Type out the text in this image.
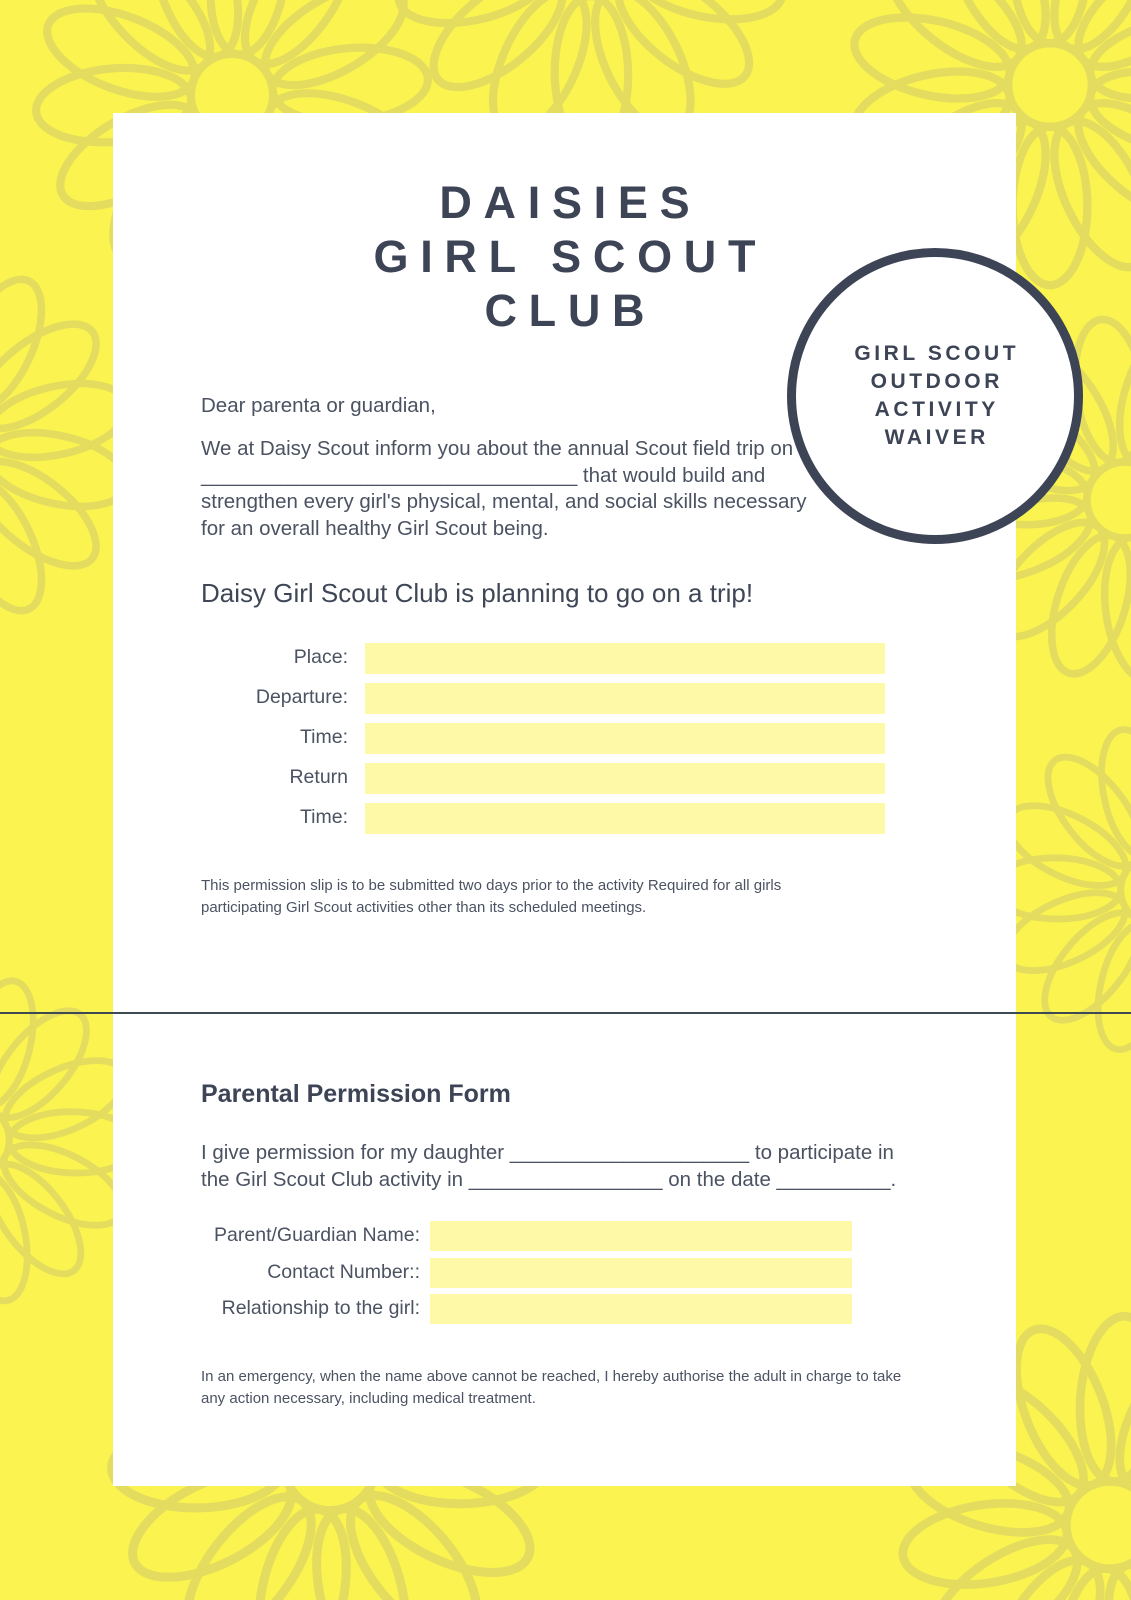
DAISIES
GIRL SCOUT
CLUB
GIRL SCOUT
OUTDOOR
ACTIVITY
WAIVER
Dear parenta or guardian,
We at Daisy Scout inform you about the annual Scout field trip on
_________________________________ that would build and
strengthen every girl's physical, mental, and social skills necessary
for an overall healthy Girl Scout being.
Daisy Girl Scout Club is planning to go on a trip!
Place:
Departure:
Time:
Return
Time:
This permission slip is to be submitted two days prior to the activity Required for all girls
participating Girl Scout activities other than its scheduled meetings.
Parental Permission Form
I give permission for my daughter _____________________ to participate in
the Girl Scout Club activity in _________________ on the date __________.
Parent/Guardian Name:
Contact Number::
Relationship to the girl:
In an emergency, when the name above cannot be reached, I hereby authorise the adult in charge to take
any action necessary, including medical treatment.
